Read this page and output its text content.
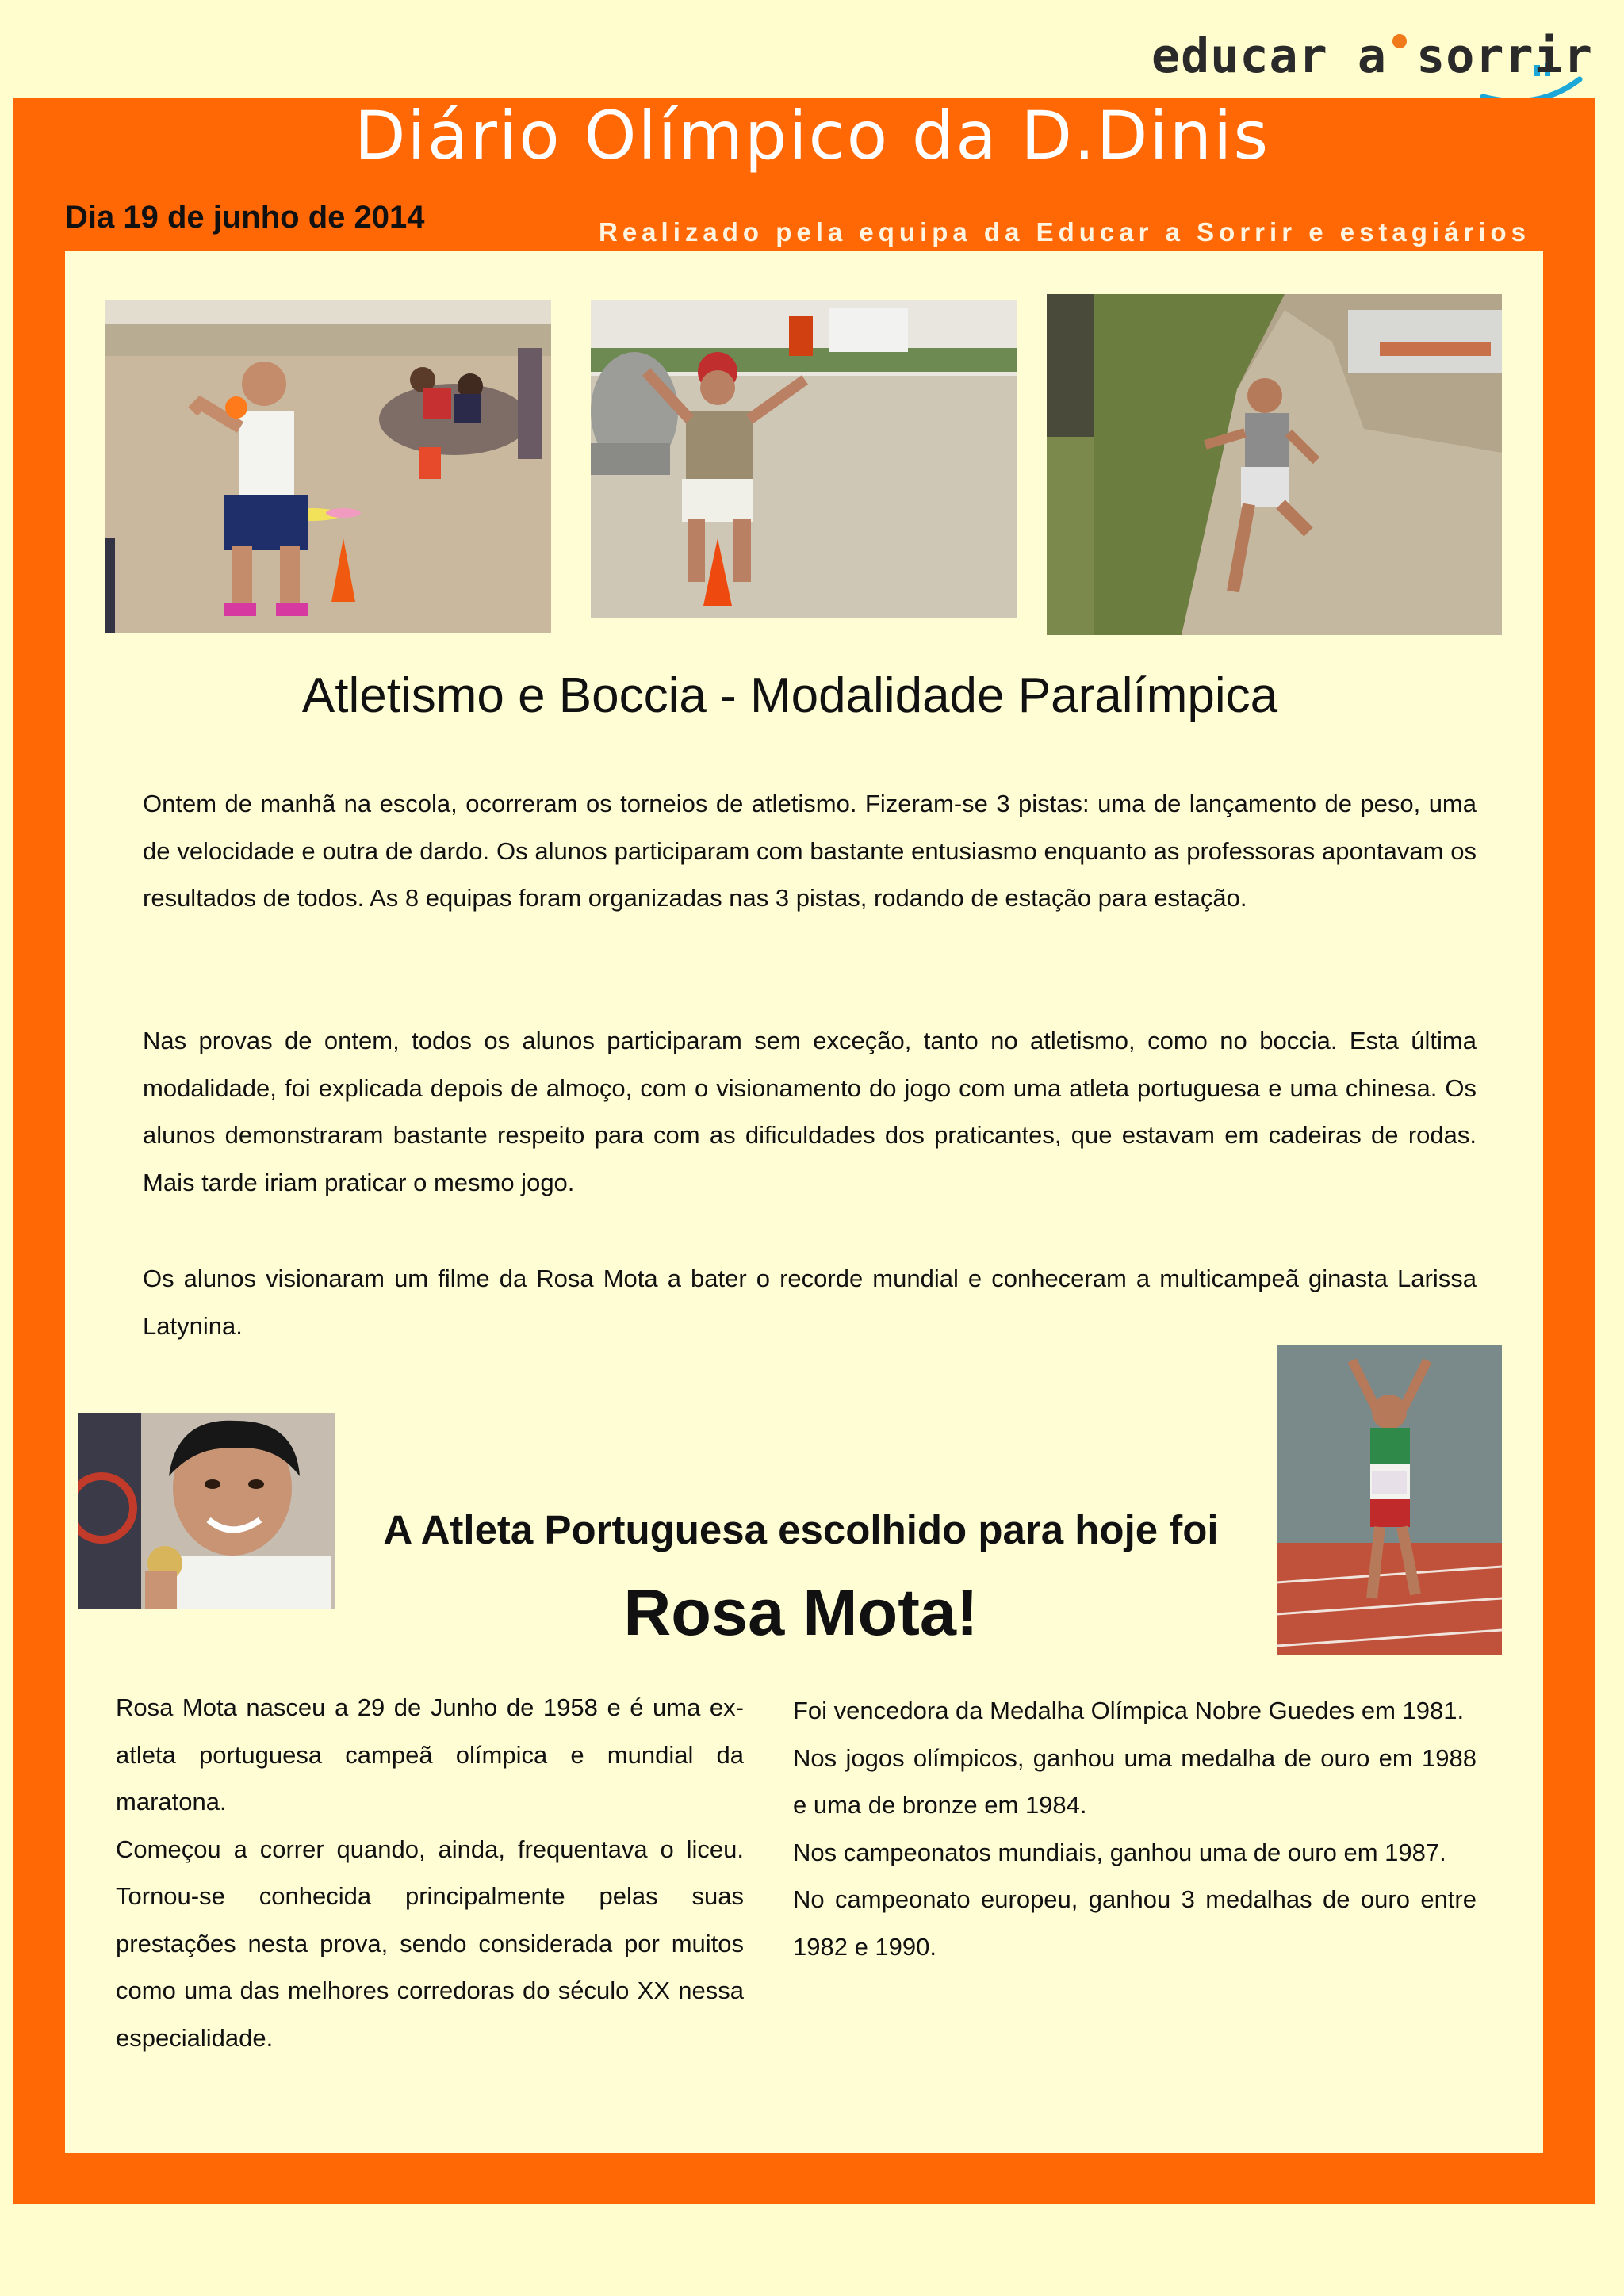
educar a sorrir
Diário Olímpico da D.Dinis
Dia 19 de junho de 2014	Realizado pela equipa da Educar a Sorrir e estagiários
Atletismo e Boccia - Modalidade Paralímpica

Ontem de manhã na escola, ocorreram os torneios de atletismo. Fizeram-se 3 pistas: uma de lançamento de peso, uma de velocidade e outra de dardo. Os alunos participaram com bastante entusiasmo enquanto as professoras apontavam os resultados de todos. As 8 equipas foram organizadas nas 3 pistas, rodando de estação para estação.

Nas provas de ontem, todos os alunos participaram sem exceção, tanto no atletismo, como no boccia. Esta última modalidade, foi explicada depois de almoço, com o visionamento do jogo com uma atleta portuguesa e uma chinesa. Os alunos demonstraram bastante respeito para com as dificuldades dos praticantes, que estavam em cadeiras de rodas. Mais tarde iriam praticar o mesmo jogo.

Os alunos visionaram um filme da Rosa Mota a bater o recorde mundial e conheceram a multicampeã ginasta Larissa Latynina.

A Atleta Portuguesa escolhido para hoje foi
Rosa Mota!

Rosa Mota nasceu a 29 de Junho de 1958 e é uma ex-atleta portuguesa campeã olímpica e mundial da maratona.

Começou a correr quando, ainda, frequentava o liceu. Tornou-se conhecida principalmente pelas suas prestações nesta prova, sendo considerada por muitos como uma das melhores corredoras do século XX nessa especialidade.

Foi vencedora da Medalha Olímpica Nobre Guedes em 1981.

Nos jogos olímpicos, ganhou uma medalha de ouro em 1988 e uma de bronze em 1984.

Nos campeonatos mundiais, ganhou uma de ouro em 1987.

No campeonato europeu, ganhou 3 medalhas de ouro entre 1982 e 1990.
